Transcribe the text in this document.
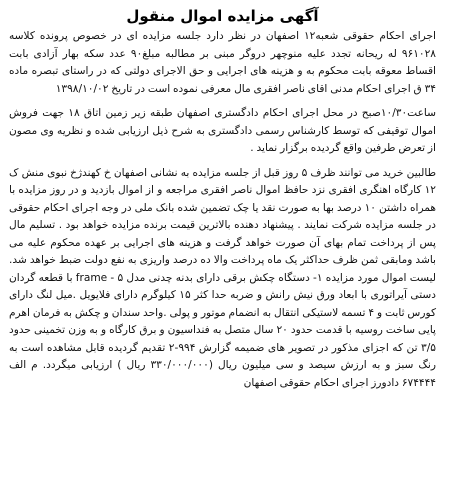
آگهی مزایده اموال منقول

اجرای احکام حقوقی شعبه۱۲ اصفهان در نظر دارد جلسه مزایده ای در خصوص پرونده کلاسه ۹۶۱۰۲۸ له ریحانه تجدد علیه منوچهر دروگر مبنی بر مطالبه مبلغ۹۰ عدد سکه بهار آزادی بابت اقساط معوقه بابت محکوم به و هزینه های اجرایی و حق الاجرای دولتی که در راستای تبصره ماده ۳۴ ق اجرای احکام مدنی اقای ناصر افقری مال معرفی نموده است در تاریخ ۱۳۹۸/۱۰/۰۲

ساعت۱۰/۳۰صبح در محل اجرای احکام دادگستری اصفهان طبقه زیر زمین اتاق ۱۸ جهت فروش اموال توقیفی که توسط کارشناس رسمی دادگستری به شرح ذیل ارزیابی شده و نظریه وی مصون از تعرض طرفین واقع گردیده برگزار نماید .

طالبین خرید می توانند ظرف ۵ روز قبل از جلسه مزایده به نشانی اصفهان خ کهندژخ نبوی منش ک ۱۲ کارگاه اهنگری افقری نزد حافظ اموال ناصر افقری مراجعه و از اموال بازدید و در روز مزایده با همراه داشتن ۱۰ درصد بها به صورت نقد یا چک تضمین شده بانک ملی در وجه اجرای احکام حقوقی در جلسه مزایده شرکت نمایند . پیشنهاد دهنده بالاترین قیمت برنده مزایده خواهد بود . تسلیم مال پس از پرداخت تمام بهای آن صورت خواهد گرفت و هزینه های اجرایی بر عهده محکوم علیه می باشد ومابقی ثمن ظرف حداکثر یک ماه پرداخت والا ده درصد واریزی به نفع دولت ضبط خواهد شد. لیست اموال مورد مزایده ۱- دستگاه چکش برقی دارای بدنه چدنی مدل frame - ۵ با قطعه گردان دستی آیراتوری با ابعاد ورق نیش رانش و ضربه حدا کثر ۱۵ کیلوگرم دارای فلایویل .میل لنگ دارای کورس ثابت و ۴ تسمه لاستیکی انتقال به انضمام موتور و پولی .واحد سندان و چکش به فرمان اهرم پایی ساخت روسیه با قدمت حدود ۲۰ سال متصل به فنداسیون و برق کارگاه و به وزن تخمینی حدود ۳/۵ تن که اجزای مذکور در تصویر های ضمیمه گزارش ۹۹۴-۲ تقدیم گردیده قابل مشاهده است به رنگ سبز و به ارزش سیصد و سی میلیون ریال (۳۳۰/۰۰۰/۰۰۰ ریال ) ارزیابی میگردد. م الف ۶۷۴۴۴۴ دادورز اجرای احکام حقوقی اصفهان
